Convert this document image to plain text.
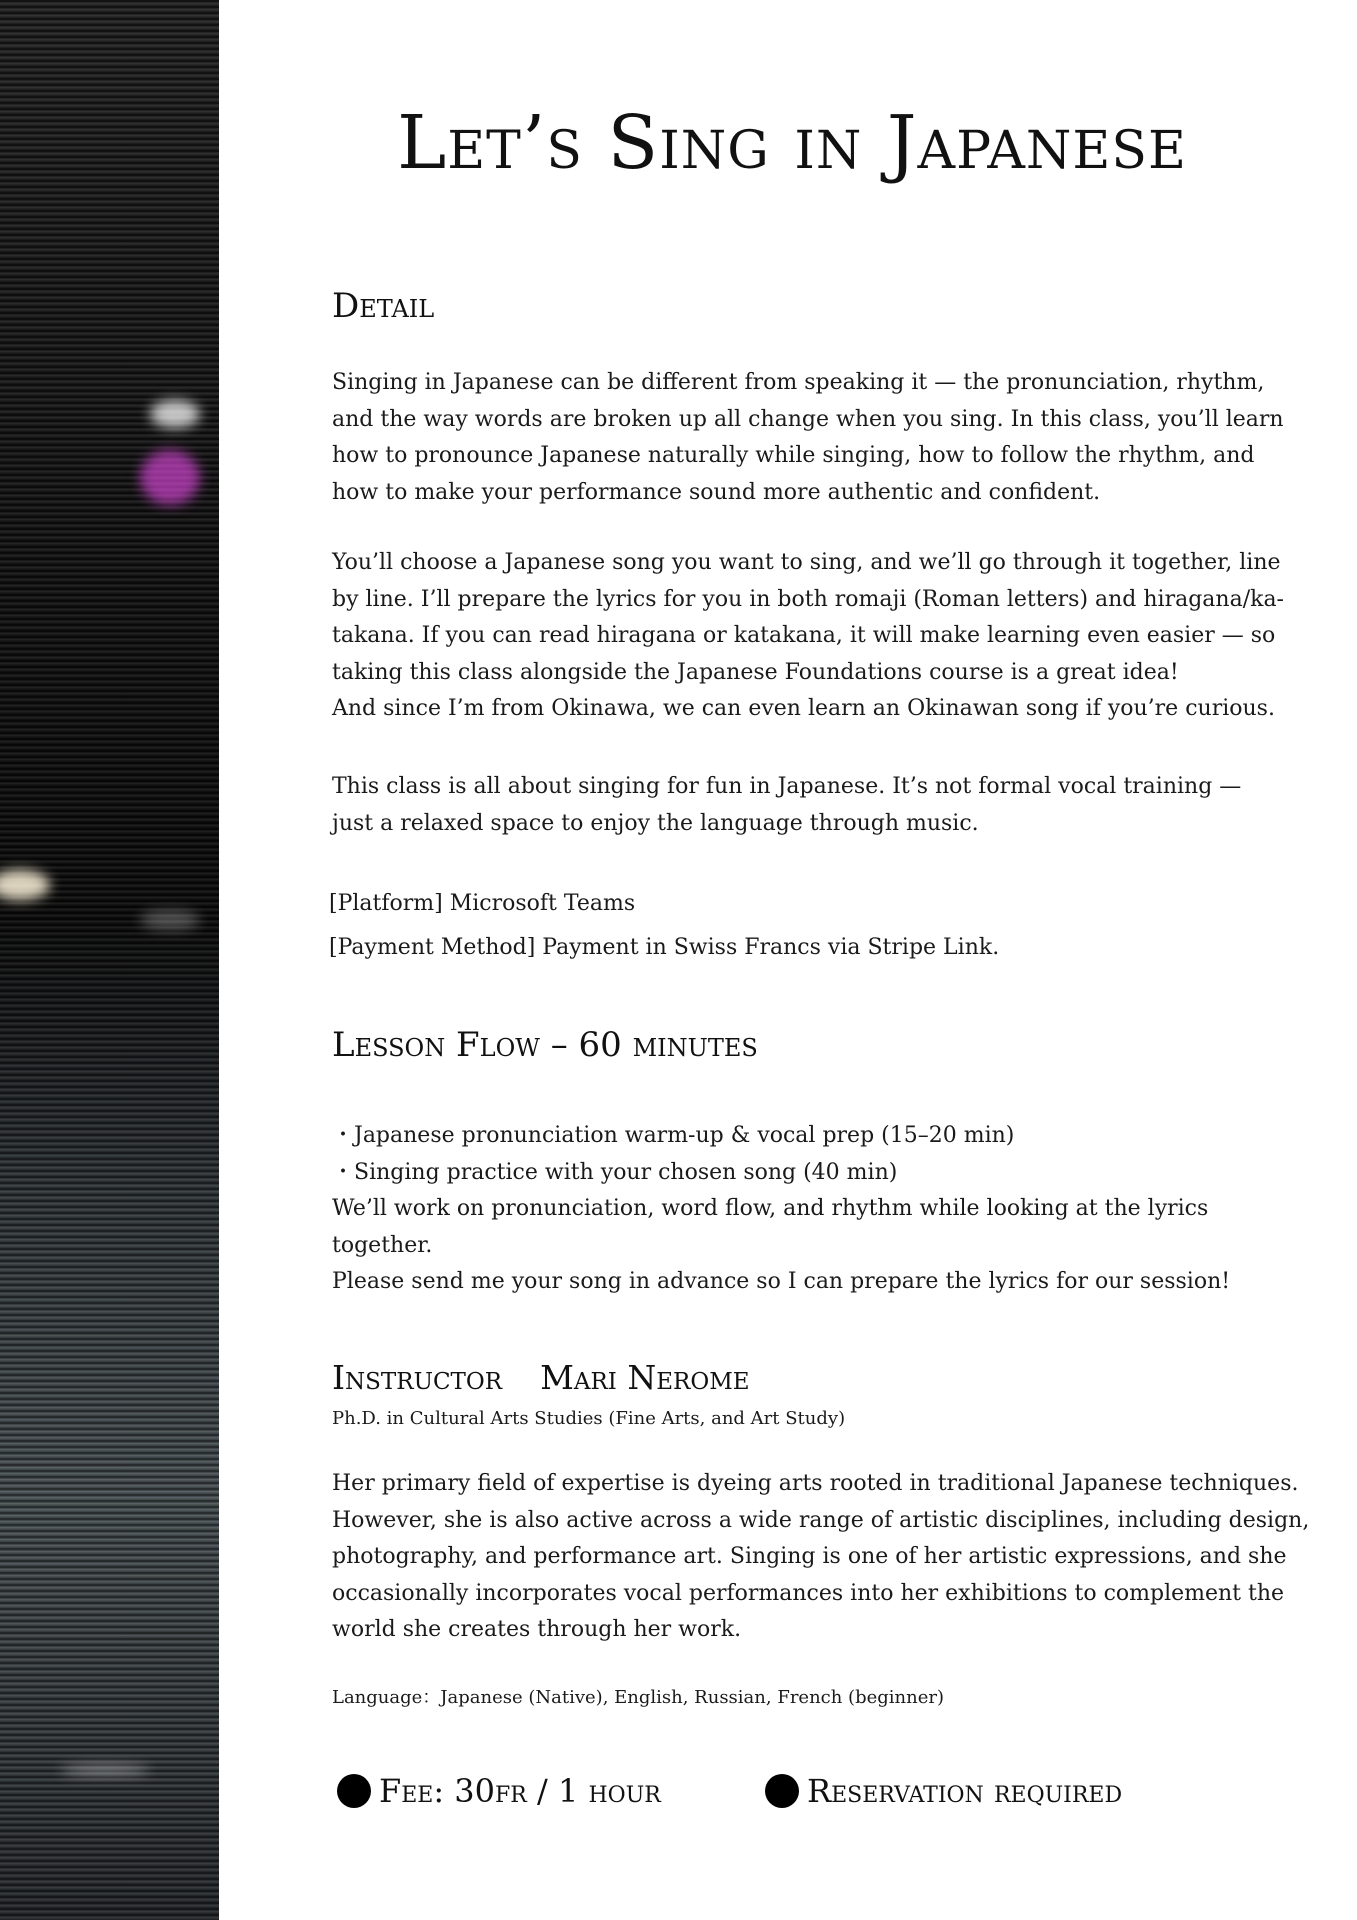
Let’s Sing in Japanese
Detail

Singing in Japanese can be different from speaking it — the pronunciation, rhythm,
and the way words are broken up all change when you sing. In this class, you’ll learn
how to pronounce Japanese naturally while singing, how to follow the rhythm, and
how to make your performance sound more authentic and confident.

You’ll choose a Japanese song you want to sing, and we’ll go through it together, line
by line. I’ll prepare the lyrics for you in both romaji (Roman letters) and hiragana/ka-
takana. If you can read hiragana or katakana, it will make learning even easier — so
taking this class alongside the Japanese Foundations course is a great idea!
And since I’m from Okinawa, we can even learn an Okinawan song if you’re curious.

This class is all about singing for fun in Japanese. It’s not formal vocal training —
just a relaxed space to enjoy the language through music.

[Platform] Microsoft Teams
[Payment Method] Payment in Swiss Francs via Stripe Link.
Lesson Flow – 60 minutes

・Japanese pronunciation warm-up & vocal prep (15–20 min)
・Singing practice with your chosen song (40 min)
We’ll work on pronunciation, word flow, and rhythm while looking at the lyrics
together.
Please send me your song in advance so I can prepare the lyrics for our session!

Instructor Mari Nerome
Ph.D. in Cultural Arts Studies (Fine Arts, and Art Study)

Her primary field of expertise is dyeing arts rooted in traditional Japanese techniques.
However, she is also active across a wide range of artistic disciplines, including design,
photography, and performance art. Singing is one of her artistic expressions, and she
occasionally incorporates vocal performances into her exhibitions to complement the
world she creates through her work.

Language：Japanese (Native), English, Russian, French (beginner)
Fee: 30fr / 1 hour	Reservation required
